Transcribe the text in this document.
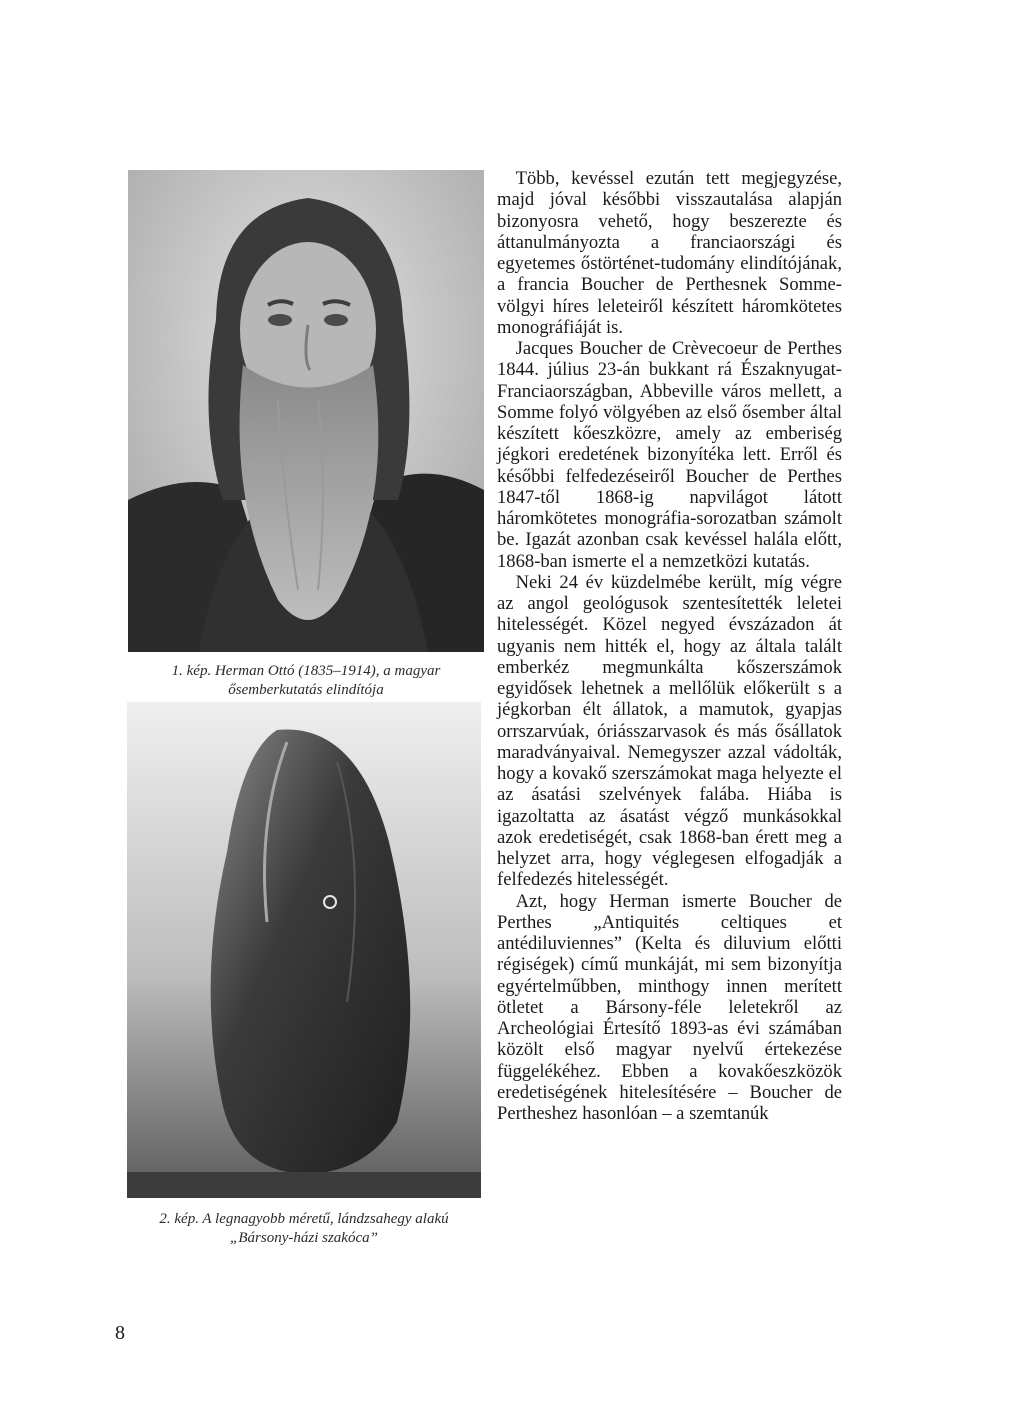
1. kép. Herman Ottó (1835–1914), a magyar
ősemberkutatás elindítója
2. kép. A legnagyobb méretű, lándzsahegy alakú
„Bársony-házi szakóca”

Több, kevéssel ezután tett megjegyzése, majd jóval későbbi visszautalása alapján bizonyosra vehető, hogy beszerezte és áttanulmányozta a franciaországi és egyetemes őstörténet-tudomány elindítójának, a francia Boucher de Perthesnek Somme-völgyi híres leleteiről készített háromkötetes monográfiáját is.

Jacques Boucher de Crèvecoeur de Perthes 1844. július 23-án bukkant rá Északnyugat-Franciaországban, Abbeville város mellett, a Somme folyó völgyében az első ősember által készített kőeszközre, amely az emberiség jégkori eredetének bizonyítéka lett. Erről és későbbi felfedezéseiről Boucher de Perthes 1847-től 1868-ig napvilágot látott háromkötetes monográfia-sorozatban számolt be. Igazát azonban csak kevéssel halála előtt, 1868-ban ismerte el a nemzetközi kutatás.

Neki 24 év küzdelmébe került, míg végre az angol geológusok szentesítették leletei hitelességét. Közel negyed évszázadon át ugyanis nem hitték el, hogy az általa talált emberkéz megmunkálta kőszerszámok egyidősek lehetnek a mellőlük előkerült s a jégkorban élt állatok, a mamutok, gyapjas orrszarvúak, óriásszarvasok és más ősállatok maradványaival. Nemegyszer azzal vádolták, hogy a kovakő szerszámokat maga helyezte el az ásatási szelvények falába. Hiába is igazoltatta az ásatást végző munkásokkal azok eredetiségét, csak 1868-ban érett meg a helyzet arra, hogy véglegesen elfogadják a felfedezés hitelességét.

Azt, hogy Herman ismerte Boucher de Perthes „Antiquités celtiques et antédiluviennes” (Kelta és diluvium előtti régiségek) című munkáját, mi sem bizonyítja egyértelműbben, minthogy innen merített ötletet a Bársony-féle leletekről az Archeológiai Értesítő 1893-as évi számában közölt első magyar nyelvű értekezése függelékéhez. Ebben a kovakőeszközök eredetiségének hitelesítésére – Boucher de Pertheshez hasonlóan – a szemtanúk

8
